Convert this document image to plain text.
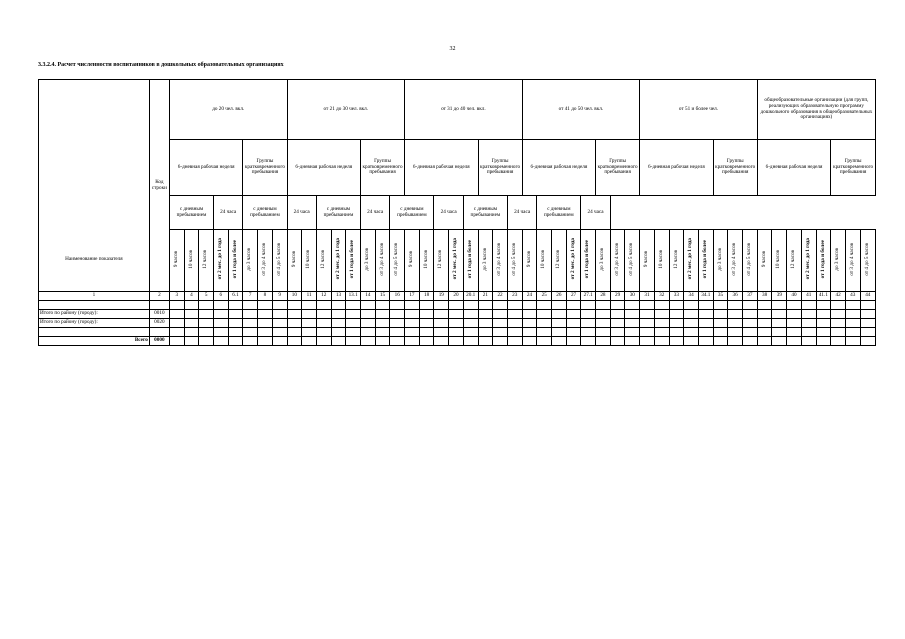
32
3.3.2.4. Расчет численности воспитанников в дошкольных образовательных организациях
Наименование показателя	Код строки	до 20 чел. вкл.								от 21 до 30 чел. вкл.								от 31 до 40 чел. вкл.								от 41 до 50 чел. вкл.								от 51 и более чел.								общеобразовательные организации (для групп, реализующих образовательную программу дошкольного образования в общеобразовательных организациях)							
		6-дневная рабочая неделя					Группы кратковременного пребывания			6-дневная рабочая неделя					Группы кратковременного пребывания			6-дневная рабочая неделя					Группы кратковременного пребывания			6-дневная рабочая неделя					Группы кратковременного пребывания			6-дневная рабочая неделя					Группы кратковременного пребывания			6-дневная рабочая неделя					Группы кратковременного пребывания		
		с дневным пребыванием			24 часа		с дневным пребыванием			24 часа		с дневным пребыванием			24 часа		с дневным пребыванием			24 часа		с дневным пребыванием			24 часа		с дневным пребыванием			24 часа																			
		9 часов	10 часов	12 часов	от 2 мес. до 1 года	от 1 года и более	до 3 часов	от 3 до 4 часов	от 4 до 5 часов	9 часов	10 часов	12 часов	от 2 мес. до 1 года	от 1 года и более	до 3 часов	от 3 до 4 часов	от 4 до 5 часов	9 часов	10 часов	12 часов	от 2 мес. до 1 года	от 1 года и более	до 3 часов	от 3 до 4 часов	от 4 до 5 часов	9 часов	10 часов	12 часов	от 2 мес. до 1 года	от 1 года и более	до 3 часов	от 3 до 4 часов	от 4 до 5 часов	9 часов	10 часов	12 часов	от 2 мес. до 1 года	от 1 года и более	до 3 часов	от 3 до 4 часов	от 4 до 5 часов	9 часов	10 часов	12 часов	от 2 мес. до 1 года	от 1 года и более	до 3 часов	от 3 до 4 часов	от 4 до 5 часов
1	2	3	4	5	6	6.1	7	8	9	10	11	12	13	13.1	14	15	16	17	18	19	20	20.1	21	22	23	24	25	26	27	27.1	28	29	30	31	32	33	34	34.1	35	36	37	38	39	40	41	41.1	42	43	44

Итого по району (городу):	0010																																																
Итого по району (городу):	0020																																																

Всего	0000																																																
